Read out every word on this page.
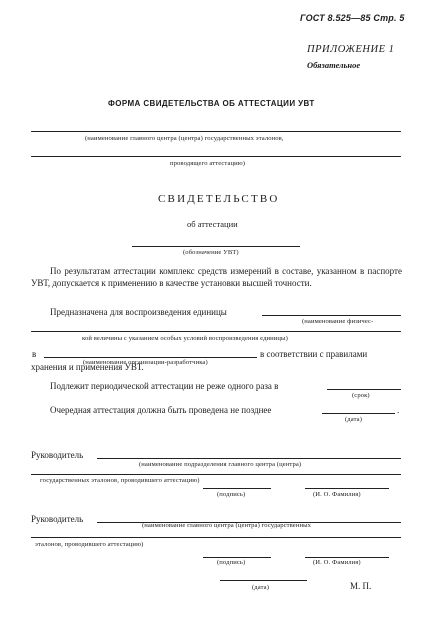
ГОСТ 8.525—85 Стр. 5
ПРИЛОЖЕНИЕ 1
Обязательное
ФОРМА СВИДЕТЕЛЬСТВА ОБ АТТЕСТАЦИИ УВТ
(наименование главного центра (центра) государственных эталонов,
проводящего аттестацию)
СВИДЕТЕЛЬСТВО
об аттестации
(обозначение УВТ)
По результатам аттестации комплекс средств измерений в составе, указанном в паспорте УВТ, допускается к применению в качестве установки высшей точности.
Предназначена для воспроизведения единицы
(наименование физичес-
кой величины с указанием особых условий воспроизведения единицы)
в
(наименование организации-разработчика)
в соответствии с правилами
хранения и применения УВТ.
Подлежит периодической аттестации не реже одного раза в
(срок)
Очередная аттестация должна быть проведена не позднее	.
(дата)
Руководитель
(наименование подразделения главного центра (центра)
государственных эталонов, проводившего аттестацию)
(подпись)	(И. О. Фамилия)
Руководитель
(наименование главного центра (центра) государственных
эталонов, проводившего аттестацию)
(подпись)	(И. О. Фамилия)
(дата)	М. П.
